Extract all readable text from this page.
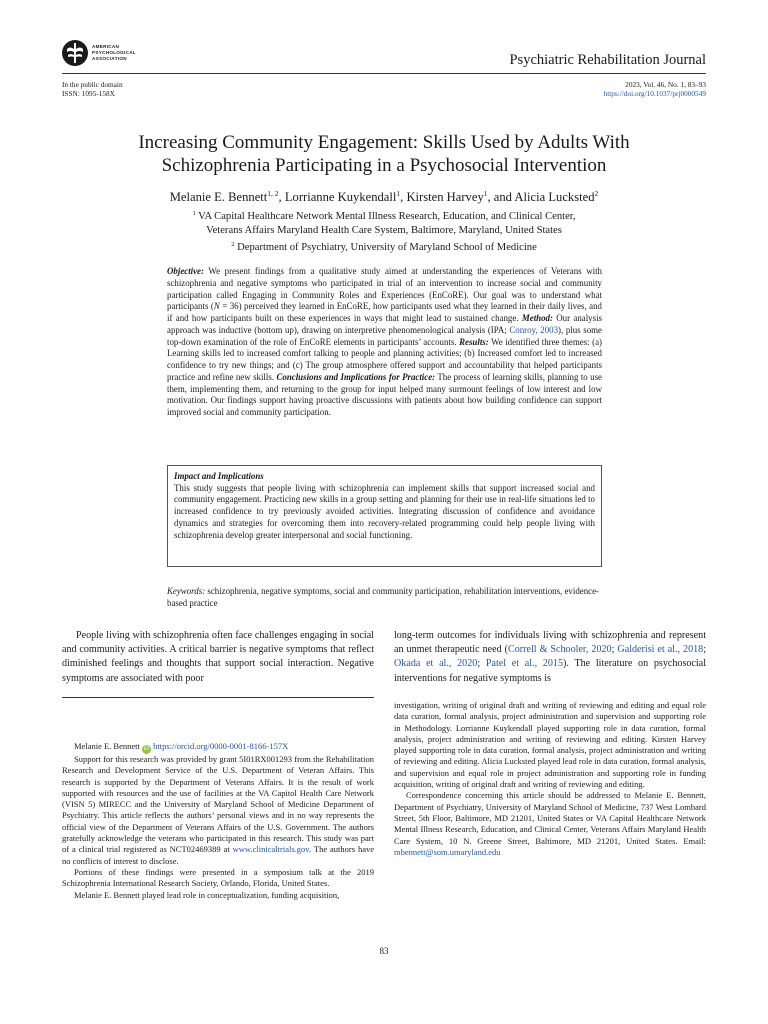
AMERICAN
PSYCHOLOGICAL
ASSOCIATION	Psychiatric Rehabilitation Journal
In the public domain
ISSN: 1095-158X
2023, Vol. 46, No. 1, 83–93
https://doi.org/10.1037/prj0000549
Increasing Community Engagement: Skills Used by Adults With
Schizophrenia Participating in a Psychosocial Intervention
Melanie E. Bennett$^{1, 2}$, Lorrianne Kuykendall$^1$, Kirsten Harvey$^1$, and Alicia Lucksted$^2$
$^1$ VA Capital Healthcare Network Mental Illness Research, Education, and Clinical Center,
Veterans Affairs Maryland Health Care System, Baltimore, Maryland, United States
$^2$ Department of Psychiatry, University of Maryland School of Medicine
Objective: We present findings from a qualitative study aimed at understanding the experiences of Veterans with schizophrenia and negative symptoms who participated in trial of an intervention to increase social and community participation called Engaging in Community Roles and Experiences (EnCoRE). Our goal was to understand what participants (N = 36) perceived they learned in EnCoRE, how participants used what they learned in their daily lives, and if and how participants built on these experiences in ways that might lead to sustained change. Method: Our analysis approach was inductive (bottom up), drawing on interpretive phenomenological analysis (IPA; Conroy, 2003), plus some top-down examination of the role of EnCoRE elements in participants’ accounts. Results: We identified three themes: (a) Learning skills led to increased comfort talking to people and planning activities; (b) Increased comfort led to increased confidence to try new things; and (c) The group atmosphere offered support and accountability that helped participants practice and refine new skills. Conclusions and Implications for Practice: The process of learning skills, planning to use them, implementing them, and returning to the group for input helped many surmount feelings of low interest and low motivation. Our findings support having proactive discussions with patients about how building confidence can support improved social and community participation.
Impact and Implications
This study suggests that people living with schizophrenia can implement skills that support increased social and community engagement. Practicing new skills in a group setting and planning for their use in real-life situations led to increased confidence to try previously avoided activities. Integrating discussion of confidence and avoidance dynamics and strategies for overcoming them into recovery-related programming could help people living with schizophrenia develop greater interpersonal and social functioning.
Keywords: schizophrenia, negative symptoms, social and community participation, rehabilitation interventions, evidence-based practice
People living with schizophrenia often face challenges engaging in social and community activities. A critical barrier is negative symptoms that reflect diminished feelings and thoughts that support social interaction. Negative symptoms are associated with poor
long-term outcomes for individuals living with schizophrenia and represent an unmet therapeutic need (Correll & Schooler, 2020; Galderisi et al., 2018; Okada et al., 2020; Patel et al., 2015). The literature on psychosocial interventions for negative symptoms is

Melanie E. Bennett iD https://orcid.org/0000-0001-8166-157X

Support for this research was provided by grant 5I01RX001293 from the Rehabilitation Research and Development Service of the U.S. Department of Veteran Affairs. This research is supported by the Department of Veterans Affairs. It is the result of work supported with resources and the use of facilities at the VA Capitol Health Care Network (VISN 5) MIRECC and the University of Maryland School of Medicine Department of Psychiatry. This article reflects the authors’ personal views and in no way represents the official view of the Department of Veterans Affairs of the U.S. Government. The authors gratefully acknowledge the veterans who participated in this research. This study was part of a clinical trial registered as NCT02469389 at www.clinicaltrials.gov. The authors have no conflicts of interest to disclose.

Portions of these findings were presented in a symposium talk at the 2019 Schizophrenia International Research Society, Orlando, Florida, United States.

Melanie E. Bennett played lead role in conceptualization, funding acquisition,

investigation, writing of original draft and writing of reviewing and editing and equal role data curation, formal analysis, project administration and supervision and supporting role in Methodology. Lorrianne Kuykendall played supporting role in data curation, formal analysis, project administration and writing of reviewing and editing. Kirsten Harvey played supporting role in data curation, formal analysis, project administration and writing of reviewing and editing. Alicia Lucksted played lead role in data curation, formal analysis, and supervision and equal role in project administration and supporting role in funding acquisition, writing of original draft and writing of reviewing and editing.

Correspondence concerning this article should be addressed to Melanie E. Bennett, Department of Psychiatry, University of Maryland School of Medicine, 737 West Lombard Street, 5th Floor, Baltimore, MD 21201, United States or VA Capital Healthcare Network Mental Illness Research, Education, and Clinical Center, Veterans Affairs Maryland Health Care System, 10 N. Greene Street, Baltimore, MD 21201, United States. Email: mbennett@som.umaryland.edu

83
